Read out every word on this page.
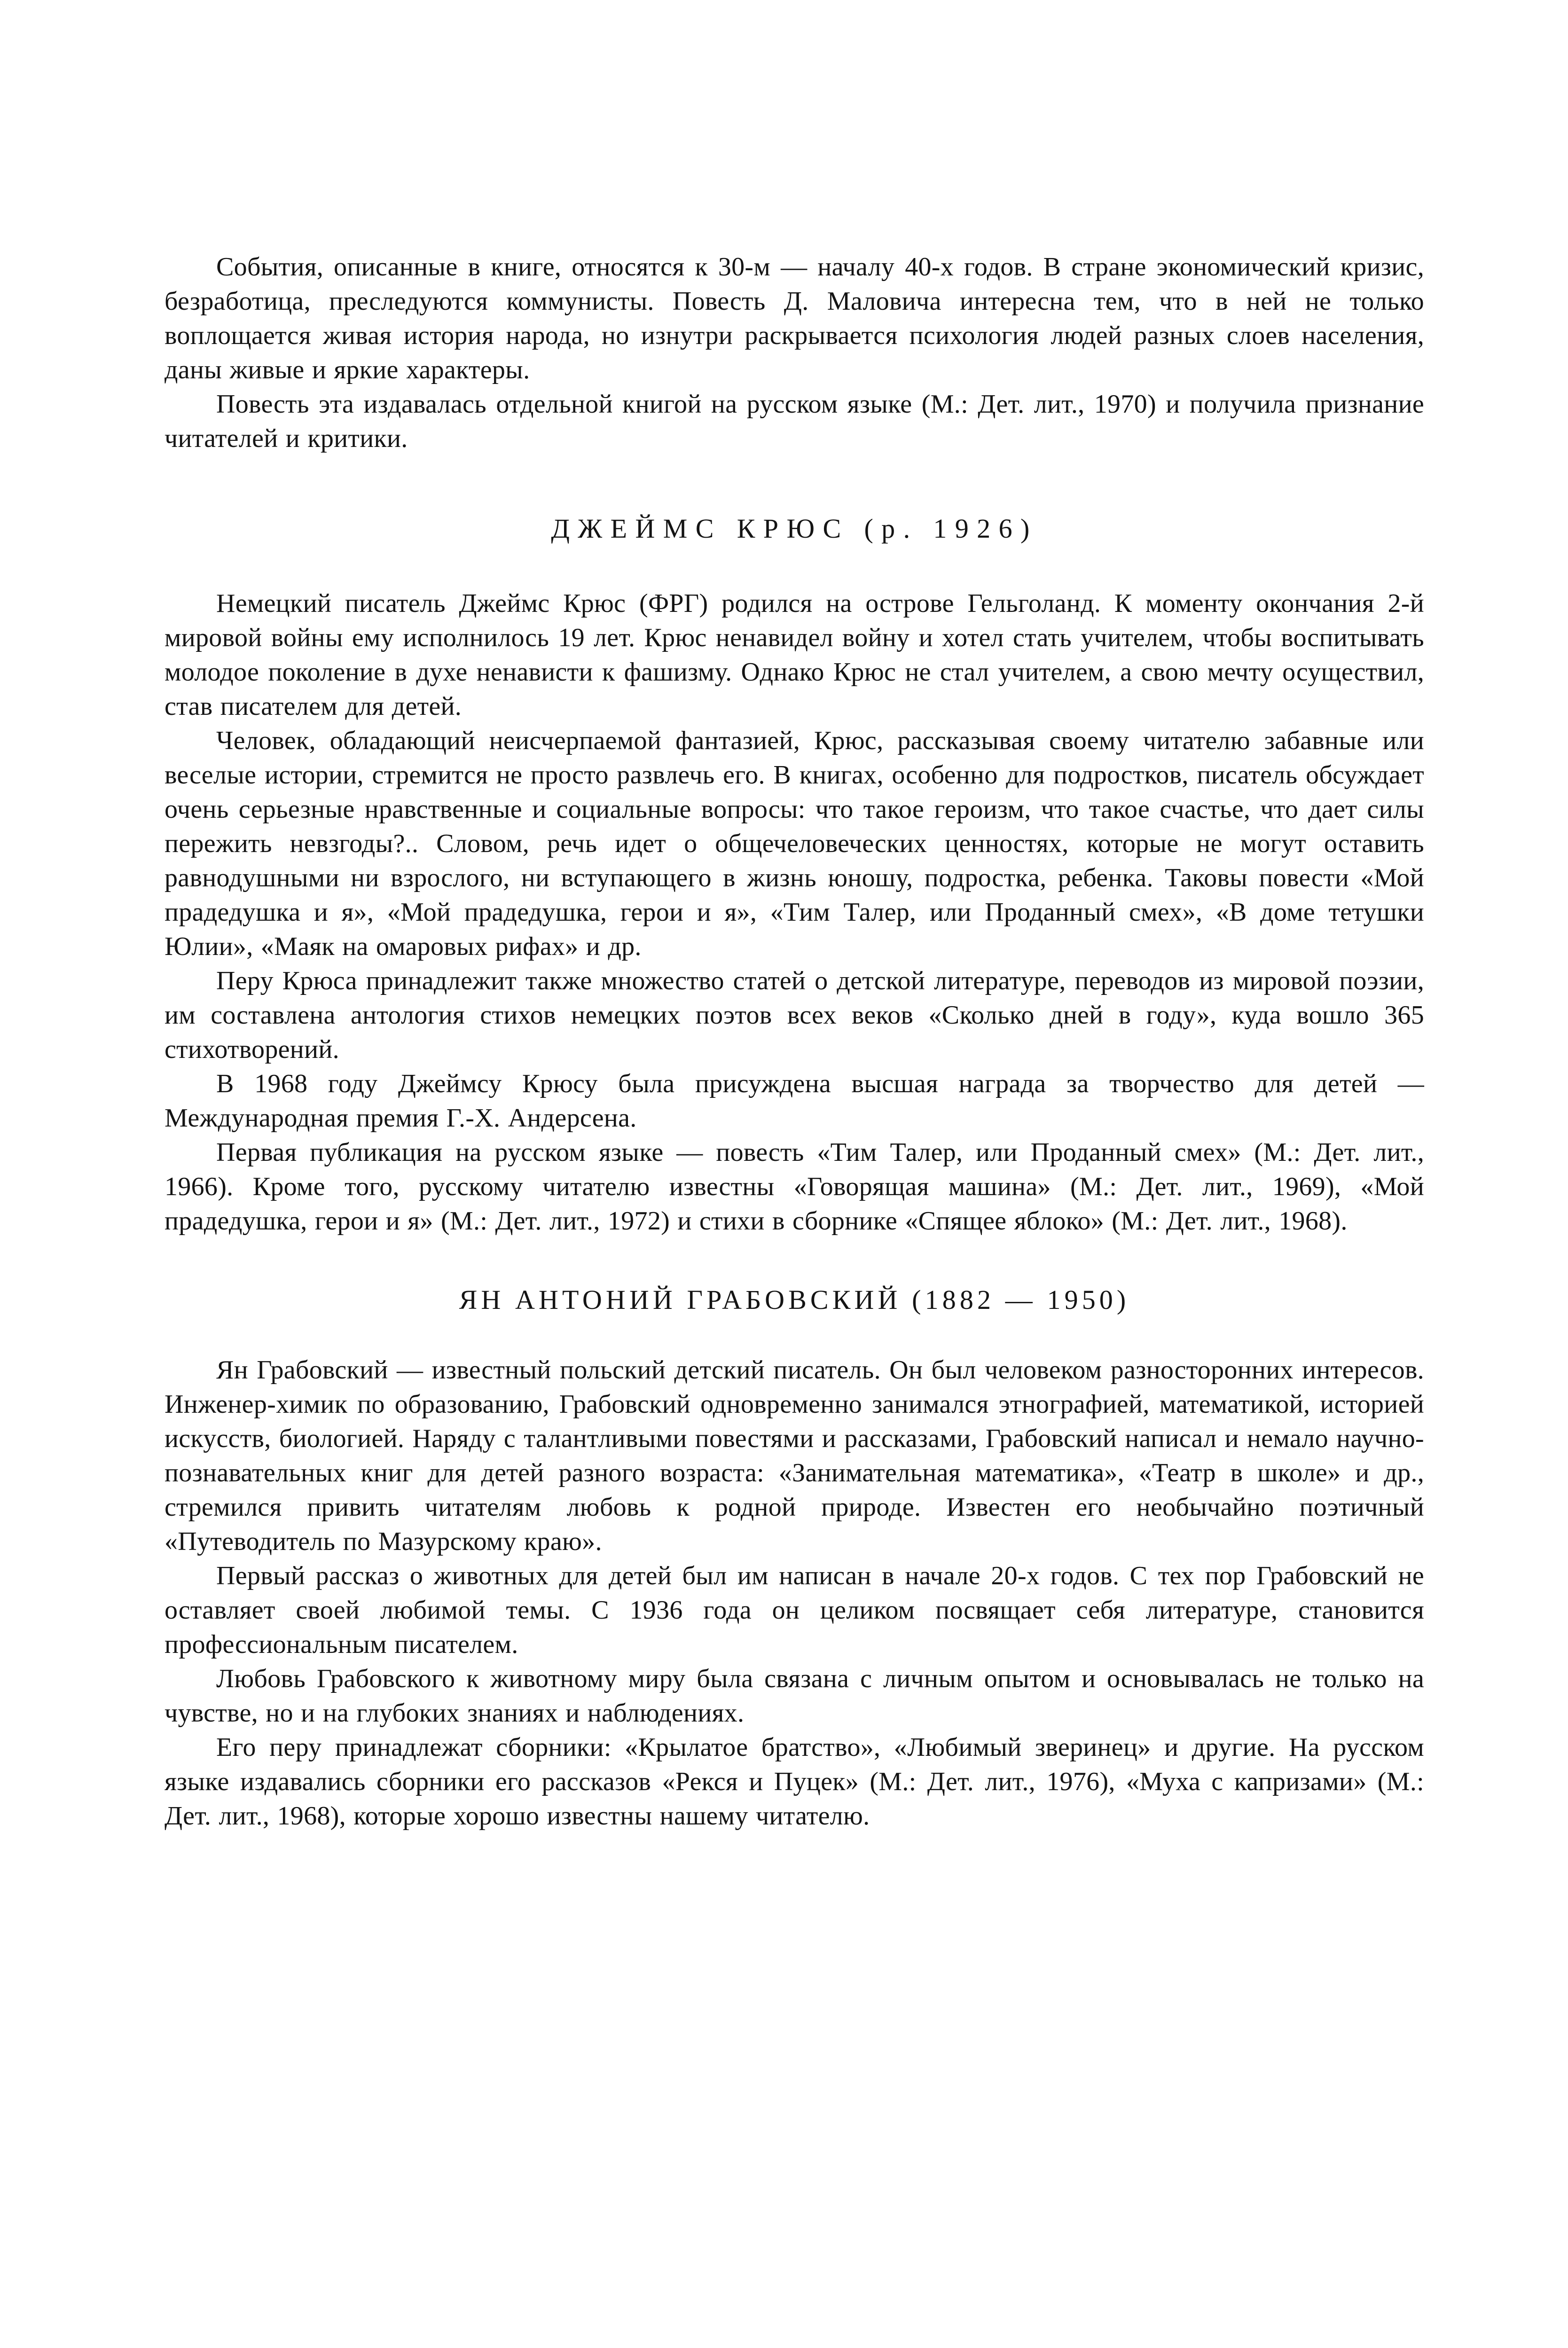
События, описанные в книге, относятся к 30-м — началу 40-х годов. В стране экономический кризис, безработица, преследуются коммунисты. Повесть Д. Маловича интересна тем, что в ней не только воплощается живая история народа, но изнутри раскрывается психология людей разных слоев населения, даны живые и яркие характеры.

Повесть эта издавалась отдельной книгой на русском языке (М.: Дет. лит., 1970) и получила признание читателей и критики.

ДЖЕЙМС КРЮС (р. 1926)

Немецкий писатель Джеймс Крюс (ФРГ) родился на острове Гельголанд. К моменту окончания 2-й мировой войны ему исполнилось 19 лет. Крюс ненавидел войну и хотел стать учителем, чтобы воспитывать молодое поколение в духе ненависти к фашизму. Однако Крюс не стал учителем, а свою мечту осуществил, став писателем для детей.

Человек, обладающий неисчерпаемой фантазией, Крюс, рассказывая своему читателю забавные или веселые истории, стремится не просто развлечь его. В книгах, особенно для подростков, писатель обсуждает очень серьезные нравственные и социальные вопросы: что такое героизм, что такое счастье, что дает силы пережить невзгоды?.. Словом, речь идет о общечеловеческих ценностях, которые не могут оставить равнодушными ни взрослого, ни вступающего в жизнь юношу, подростка, ребенка. Таковы повести «Мой прадедушка и я», «Мой прадедушка, герои и я», «Тим Талер, или Проданный смех», «В доме тетушки Юлии», «Маяк на омаровых рифах» и др.

Перу Крюса принадлежит также множество статей о детской литературе, переводов из мировой поэзии, им составлена антология стихов немецких поэтов всех веков «Сколько дней в году», куда вошло 365 стихотворений.

В 1968 году Джеймсу Крюсу была присуждена высшая награда за творчество для детей — Международная премия Г.-Х. Андерсена.

Первая публикация на русском языке — повесть «Тим Талер, или Проданный смех» (М.: Дет. лит., 1966). Кроме того, русскому читателю известны «Говорящая машина» (М.: Дет. лит., 1969), «Мой прадедушка, герои и я» (М.: Дет. лит., 1972) и стихи в сборнике «Спящее яблоко» (М.: Дет. лит., 1968).

ЯН АНТОНИЙ ГРАБОВСКИЙ (1882 — 1950)

Ян Грабовский — известный польский детский писатель. Он был человеком разносторонних интересов. Инженер-химик по образованию, Грабовский одновременно занимался этнографией, математикой, историей искусств, биологией. Наряду с талантливыми повестями и рассказами, Грабовский написал и немало научно-познавательных книг для детей разного возраста: «Занимательная математика», «Театр в школе» и др., стремился привить читателям любовь к родной природе. Известен его необычайно поэтичный «Путеводитель по Мазурскому краю».

Первый рассказ о животных для детей был им написан в начале 20-х годов. С тех пор Грабовский не оставляет своей любимой темы. С 1936 года он целиком посвящает себя литературе, становится профессиональным писателем.

Любовь Грабовского к животному миру была связана с личным опытом и основывалась не только на чувстве, но и на глубоких знаниях и наблюдениях.

Его перу принадлежат сборники: «Крылатое братство», «Любимый зверинец» и другие. На русском языке издавались сборники его рассказов «Рекся и Пуцек» (М.: Дет. лит., 1976), «Муха с капризами» (М.: Дет. лит., 1968), которые хорошо известны нашему читателю.
